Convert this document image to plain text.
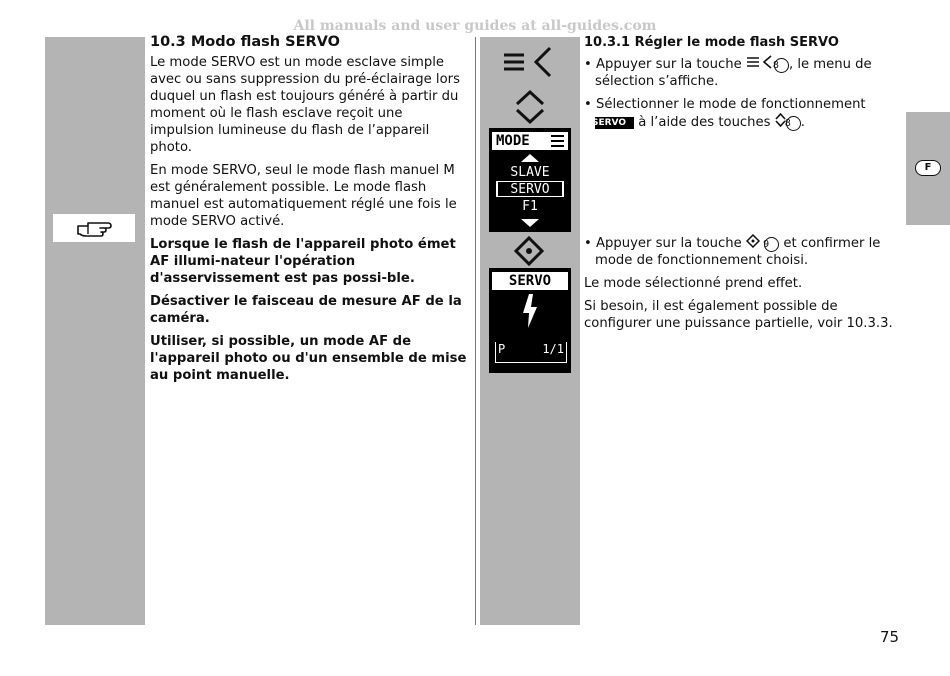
All manuals and user guides at all-guides.com
MODE
SLAVE
SERVO
F1
SERVO
P	1/1
F
10.3 Modo flash SERVO

Le mode SERVO est un mode esclave simple avec ou sans suppression du pré-éclairage lors duquel un flash est toujours généré à partir du moment où le flash esclave reçoit une impulsion lumineuse du flash de l’appareil photo.

En mode SERVO, seul le mode flash manuel M est généralement possible. Le mode flash manuel est automatiquement réglé une fois le mode SERVO activé.

Lorsque le flash de l'appareil photo émet AF illumi-nateur l'opération d'asservissement est pas possi-ble.

Désactiver le faisceau de mesure AF de la caméra.

Utiliser, si possible, un mode AF de l'appareil photo ou d'un ensemble de mise au point manuelle.

10.3.1 Régler le mode flash SERVO

• Appuyer sur la touche	8 , le menu de sélection s’affiche.

• Sélectionner le mode de fonctionnement SERVO à l’aide des touches 8 .

• Appuyer sur la touche 9 et confirmer le mode de fonctionnement choisi.

Le mode sélectionné prend effet.

Si besoin, il est également possible de configurer une puissance partielle, voir 10.3.3.

75
